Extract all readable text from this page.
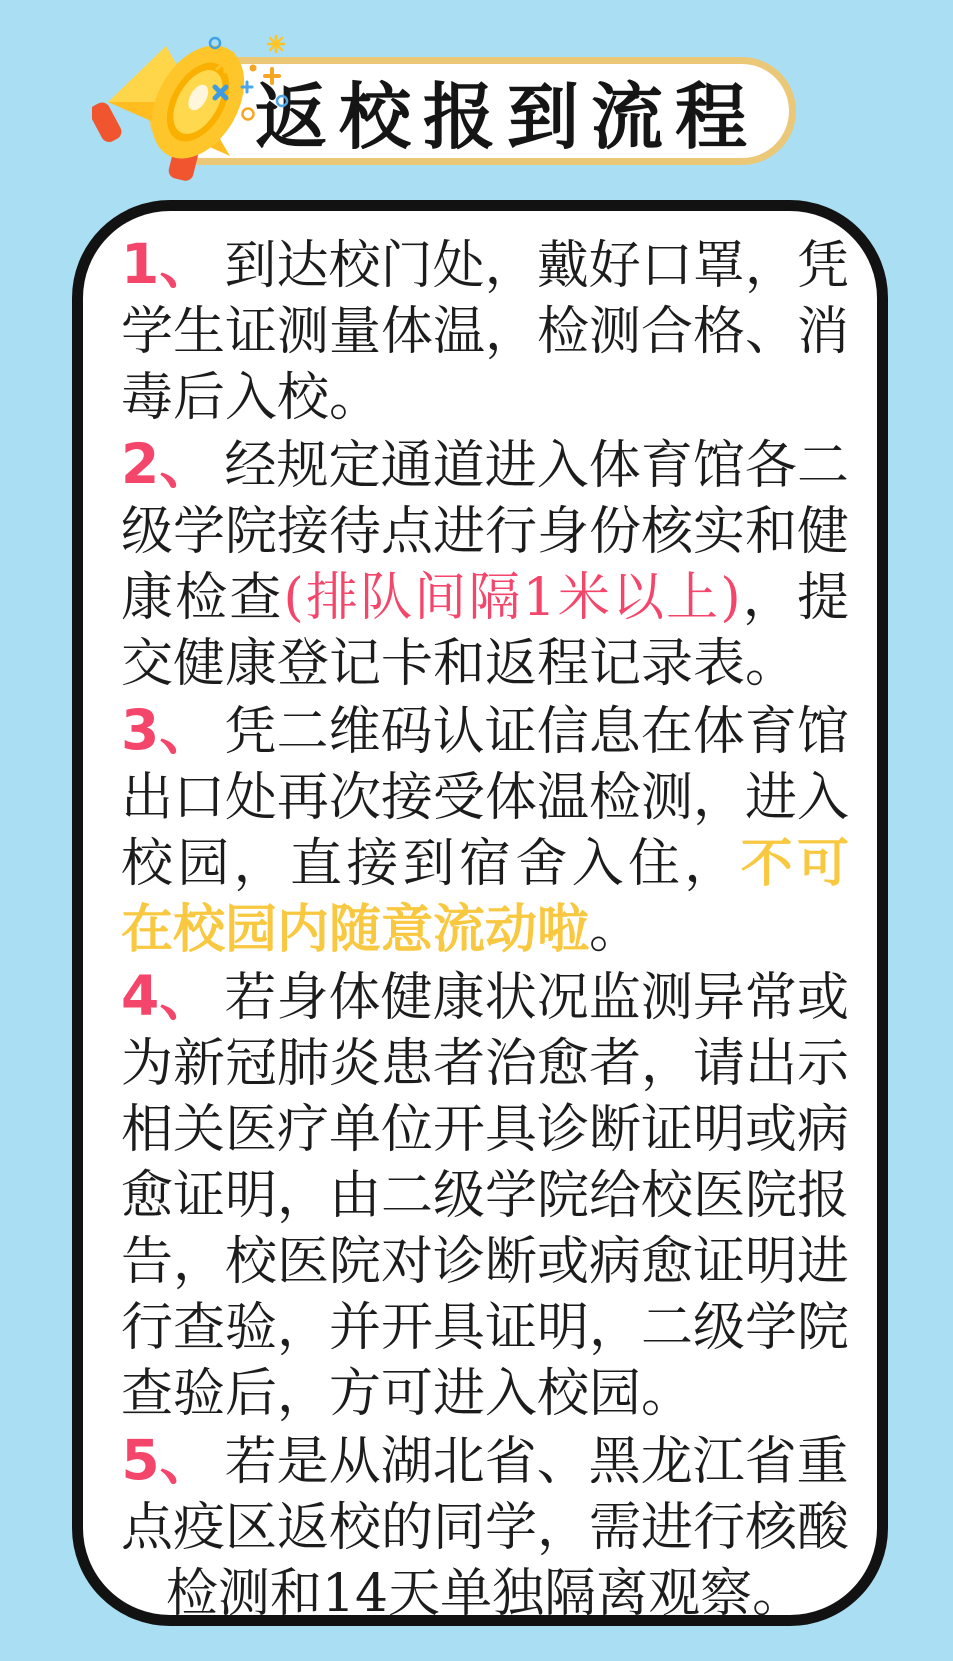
返校报到流程

1、 到达校门处，戴好口罩，凭学生证测量体温，检测合格、消毒后入校。

2、 经规定通道进入体育馆各二级学院接待点进行身份核实和健康检查(排队间隔1米以上)，提交健康登记卡和返程记录表。

3、 凭二维码认证信息在体育馆出口处再次接受体温检测，进入校园，直接到宿舍入住，不可在校园内随意流动啦。

4、 若身体健康状况监测异常或为新冠肺炎患者治愈者，请出示相关医疗单位开具诊断证明或病愈证明，由二级学院给校医院报告，校医院对诊断或病愈证明进行查验，并开具证明，二级学院查验后，方可进入校园。

5、 若是从湖北省、黑龙江省重点疫区返校的同学，需进行核酸检测和14天单独隔离观察。
